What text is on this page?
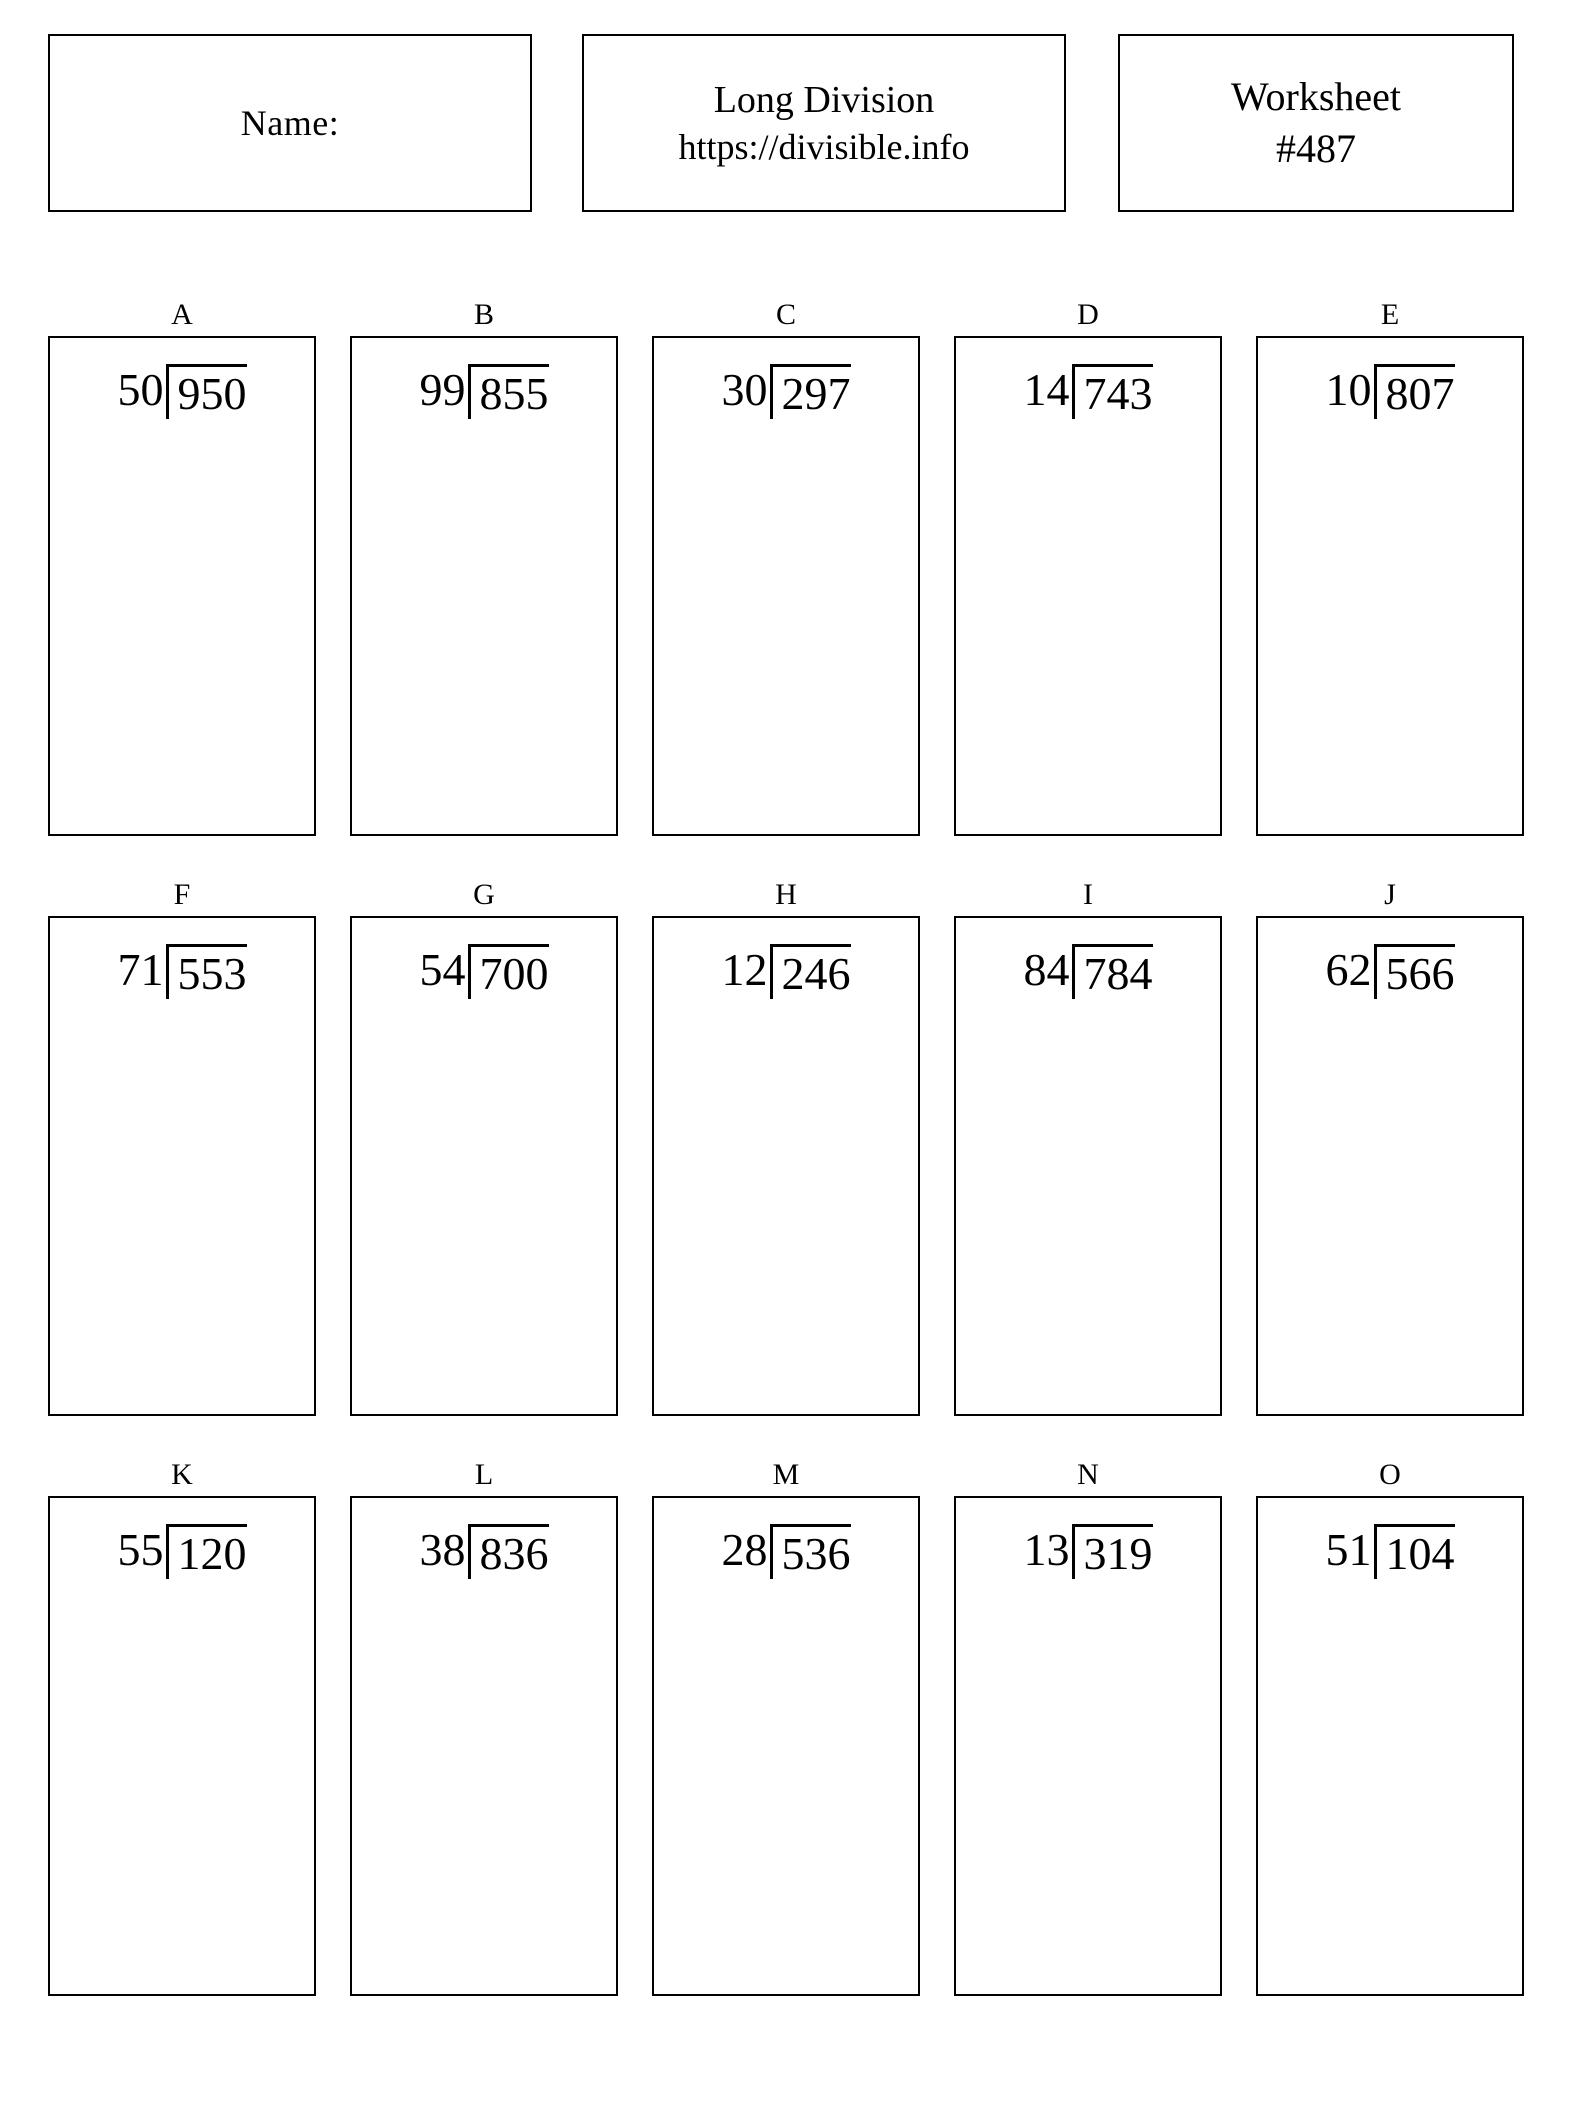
Name:
Long Division
https://divisible.info
Worksheet
#487
A
50 950
B
99 855
C
30 297
D
14 743
E
10 807
F
71 553
G
54 700
H
12 246
I
84 784
J
62 566
K
55 120
L
38 836
M
28 536
N
13 319
O
51 104
